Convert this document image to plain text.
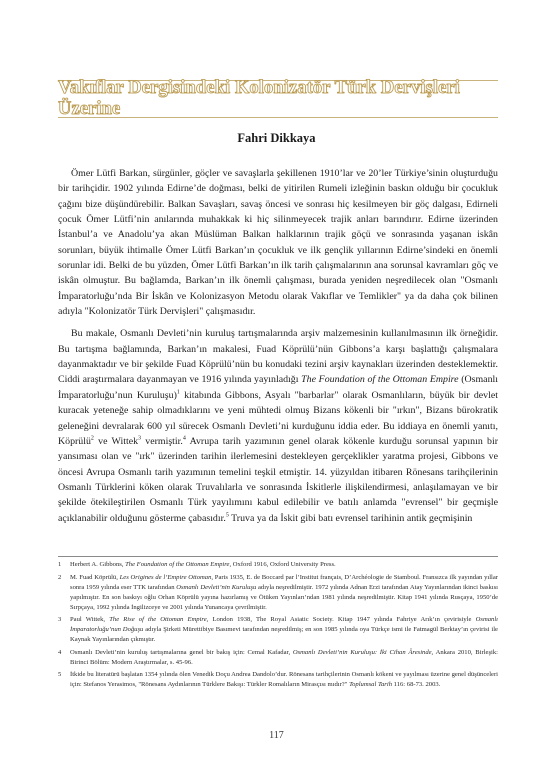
Vakıflar Dergisindeki Kolonizatör Türk Dervişleri Üzerine
Fahri Dikkaya

Ömer Lütfi Barkan, sürgünler, göçler ve savaşlarla şekillenen 1910’lar ve 20’ler Türkiye’sinin oluşturduğu bir tarihçidir. 1902 yılında Edirne’de doğması, belki de yitirilen Rumeli izleğinin baskın olduğu bir çocukluk çağını bize düşündürebilir. Balkan Savaşları, savaş öncesi ve sonrası hiç kesilmeyen bir göç dalgası, Edirneli çocuk Ömer Lütfi’nin anılarında muhakkak ki hiç silinmeyecek trajik anları barındırır. Edirne üzerinden İstanbul’a ve Anadolu’ya akan Müslüman Balkan halklarının trajik göçü ve sonrasında yaşanan iskân sorunları, büyük ihtimalle Ömer Lütfi Barkan’ın çocukluk ve ilk gençlik yıllarının Edirne’sindeki en önemli sorunlar idi. Belki de bu yüzden, Ömer Lütfi Barkan’ın ilk tarih çalışmalarının ana sorunsal kavramları göç ve iskân olmuştur. Bu bağlamda, Barkan’ın ilk önemli çalışması, burada yeniden neşredilecek olan "Osmanlı İmparatorluğu’nda Bir İskân ve Kolonizasyon Metodu olarak Vakıflar ve Temlikler" ya da daha çok bilinen adıyla "Kolonizatör Türk Dervişleri" çalışmasıdır.

Bu makale, Osmanlı Devleti’nin kuruluş tartışmalarında arşiv malzemesinin kullanılmasının ilk örneğidir. Bu tartışma bağlamında, Barkan’ın makalesi, Fuad Köprülü’nün Gibbons’a karşı başlattığı çalışmalara dayanmaktadır ve bir şekilde Fuad Köprülü’nün bu konudaki tezini arşiv kaynakları üzerinden desteklemektir. Ciddi araştırmalara dayanmayan ve 1916 yılında yayınladığı The Foundation of the Ottoman Empire (Osmanlı İmparatorluğu’nun Kuruluşu)$^1$ kitabında Gibbons, Asyalı "barbarlar" olarak Osmanlıların, büyük bir devlet kuracak yeteneğe sahip olmadıklarını ve yeni mühtedi olmuş Bizans kökenli bir "ırkın", Bizans bürokratik geleneğini devralarak 600 yıl sürecek Osmanlı Devleti’ni kurduğunu iddia eder. Bu iddiaya en önemli yanıtı, Köprülü$^2$ ve Wittek$^3$ vermiştir.$^4$ Avrupa tarih yazımının genel olarak kökenle kurduğu sorunsal yapının bir yansıması olan ve "ırk" üzerinden tarihin ilerlemesini destekleyen gerçeklikler yaratma projesi, Gibbons ve öncesi Avrupa Osmanlı tarih yazımının temelini teşkil etmiştir. 14. yüzyıldan itibaren Rönesans tarihçilerinin Osmanlı Türklerini köken olarak Truvalılarla ve sonrasında İskitlerle ilişkilendirmesi, anlaşılamayan ve bir şekilde ötekileştirilen Osmanlı Türk yayılımını kabul edilebilir ve batılı anlamda "evrensel" bir geçmişle açıklanabilir olduğunu gösterme çabasıdır.$^5$ Truva ya da İskit gibi batı evrensel tarihinin antik geçmişinin

1 Herbert A. Gibbons, The Foundation of the Ottoman Empire, Oxford 1916, Oxford University Press.
2 M. Fuad Köprülü, Les Origines de l’Empire Ottoman, Paris 1935, E. de Boccard par l’Institut français, D’Archéologie de Stamboul. Fransızca ilk yayından yıllar sonra 1959 yılında eser TTK tarafından Osmanlı Devleti’nin Kuruluşu adıyla neşredilmiştir. 1972 yılında Adnan Erzi tarafından Atay Yayınlarından ikinci baskısı yapılmıştır. En son baskıyı oğlu Orhan Köprülü yayına hazırlamış ve Ötüken Yayınları’ndan 1981 yılında neşredilmiştir. Kitap 1941 yılında Rusçaya, 1950’de Sırpçaya, 1992 yılında İngilizceye ve 2001 yılında Yunancaya çevrilmiştir.
3 Paul Wittek, The Rise of the Ottoman Empire, London 1938, The Royal Asiatic Society. Kitap 1947 yılında Fahriye Arık’ın çevirisiyle Osmanlı İmparatorluğu’nun Doğuşu adıyla Şirketi Mürettibiye Basımevi tarafından neşredilmiş; en son 1985 yılında oya Türkçe ismi ile Fatmagül Berktay’ın çevirisi ile Kaynak Yayınlarından çıkmıştır.
4 Osmanlı Devleti’nin kuruluş tartışmalarına genel bir bakış için: Cemal Kafadar, Osmanlı Devleti’nin Kuruluşu: İki Cihan Âresinde, Ankara 2010, Birleşik: Birinci Bölüm: Modern Araştırmalar, s. 45-96.
5 İtkide bu literatürü başlatan 1354 yılında ölen Venedik Doçu Andrea Dandolo’dur. Rönesans tarihçilerinin Osmanlı kökeni ve yayılması üzerine genel düşünceleri için: Stefanos Yerasimos, "Rönesans Aydınlarının Türklere Bakışı: Türkler Romalıların Mirasçısı mıdır?" Toplumsal Tarih 116: 68-73. 2003.
117
